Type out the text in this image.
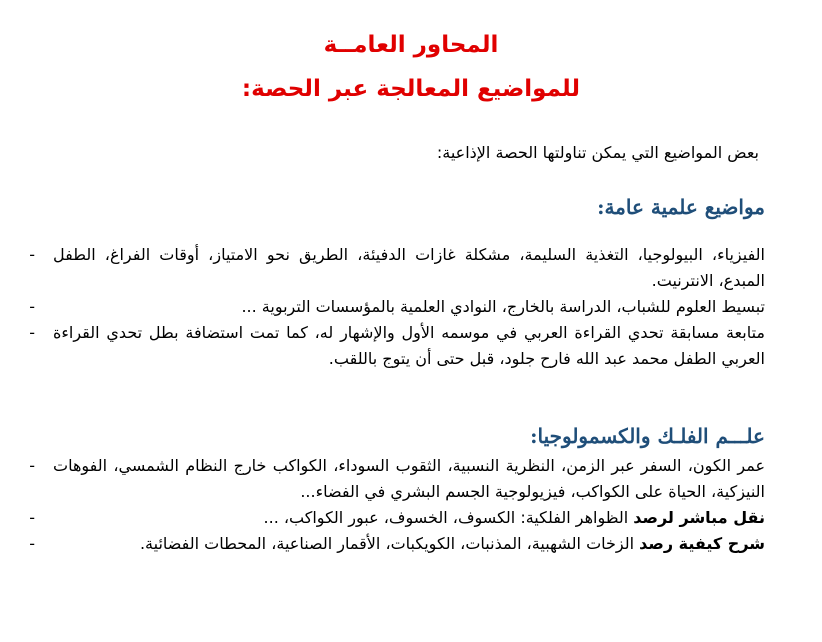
المحاور العامــة
للمواضيع المعالجة عبر الحصة:
بعض المواضيع التي يمكن تناولتها الحصة الإذاعية:
مواضيع علمية عامة:
- الفيزياء، البيولوجيا، التغذية السليمة، مشكلة غازات الدفيئة، الطريق نحو الامتياز، أوقات الفراغ، الطفل المبدع، الانترنيت.
-	تبسيط العلوم للشباب، الدراسة بالخارج، النوادي العلمية بالمؤسسات التربوية ...
- متابعة مسابقة تحدي القراءة العربي في موسمه الأول والإشهار له، كما تمت استضافة بطل تحدي القراءة العربي الطفل محمد عبد الله فارح جلود، قبل حتى أن يتوج باللقب.
علـــم الفلـك والكسمولوجيا:
- عمر الكون، السفر عبر الزمن، النظرية النسبية، الثقوب السوداء، الكواكب خارج النظام الشمسي، الفوهات النيزكية، الحياة على الكواكب، فيزيولوجية الجسم البشري في الفضاء...
-	نقل مباشر لرصد الظواهر الفلكية: الكسوف، الخسوف، عبور الكواكب، ...
-	شرح كيفية رصد الزخات الشهبية، المذنبات، الكويكبات، الأقمار الصناعية، المحطات الفضائية.
